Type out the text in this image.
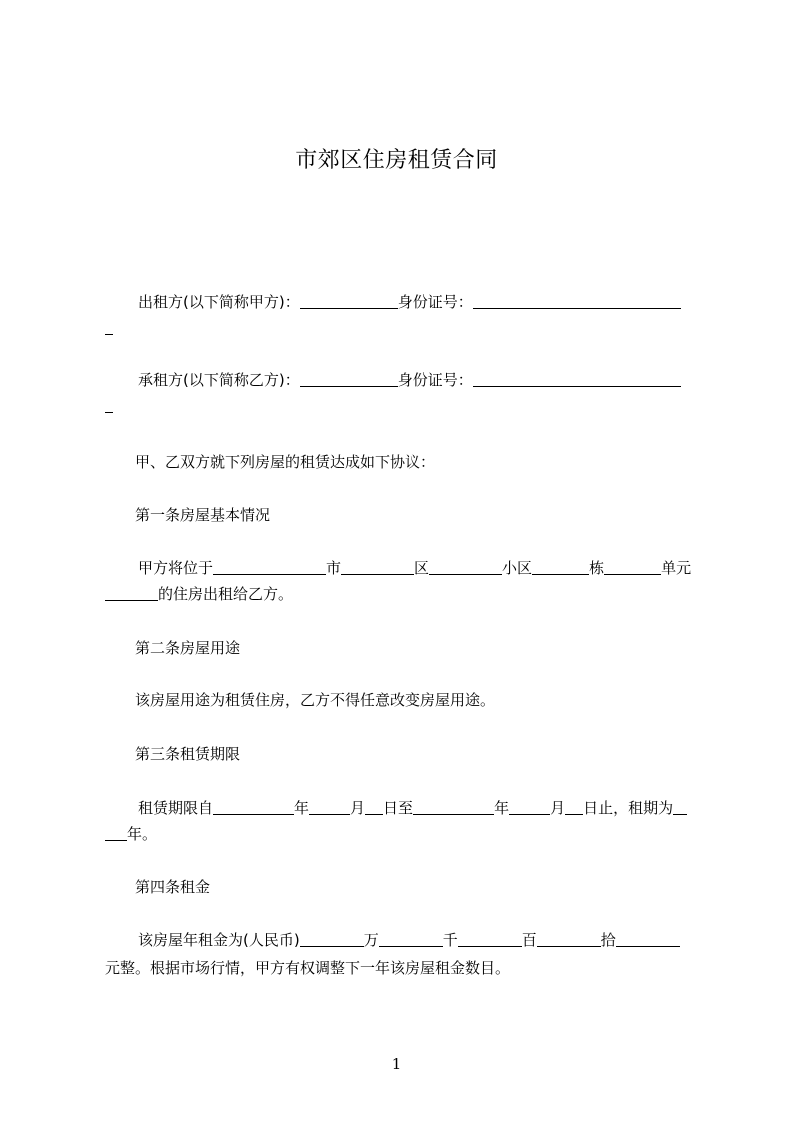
市郊区住房租赁合同
出租方(以下简称甲方)：	身份证号：
承租方(以下简称乙方)：	身份证号：
甲、乙双方就下列房屋的租赁达成如下协议：
第一条房屋基本情况
甲方将位于	市	区	小区	栋	单元
的住房出租给乙方。
第二条房屋用途
该房屋用途为租赁住房，乙方不得任意改变房屋用途。
第三条租赁期限
租赁期限自	年	月 日至	年	月 日止，租期为
年。
第四条租金
该房屋年租金为(人民币)	万	千	百	拾
元整。根据市场行情，甲方有权调整下一年该房屋租金数目。
1
